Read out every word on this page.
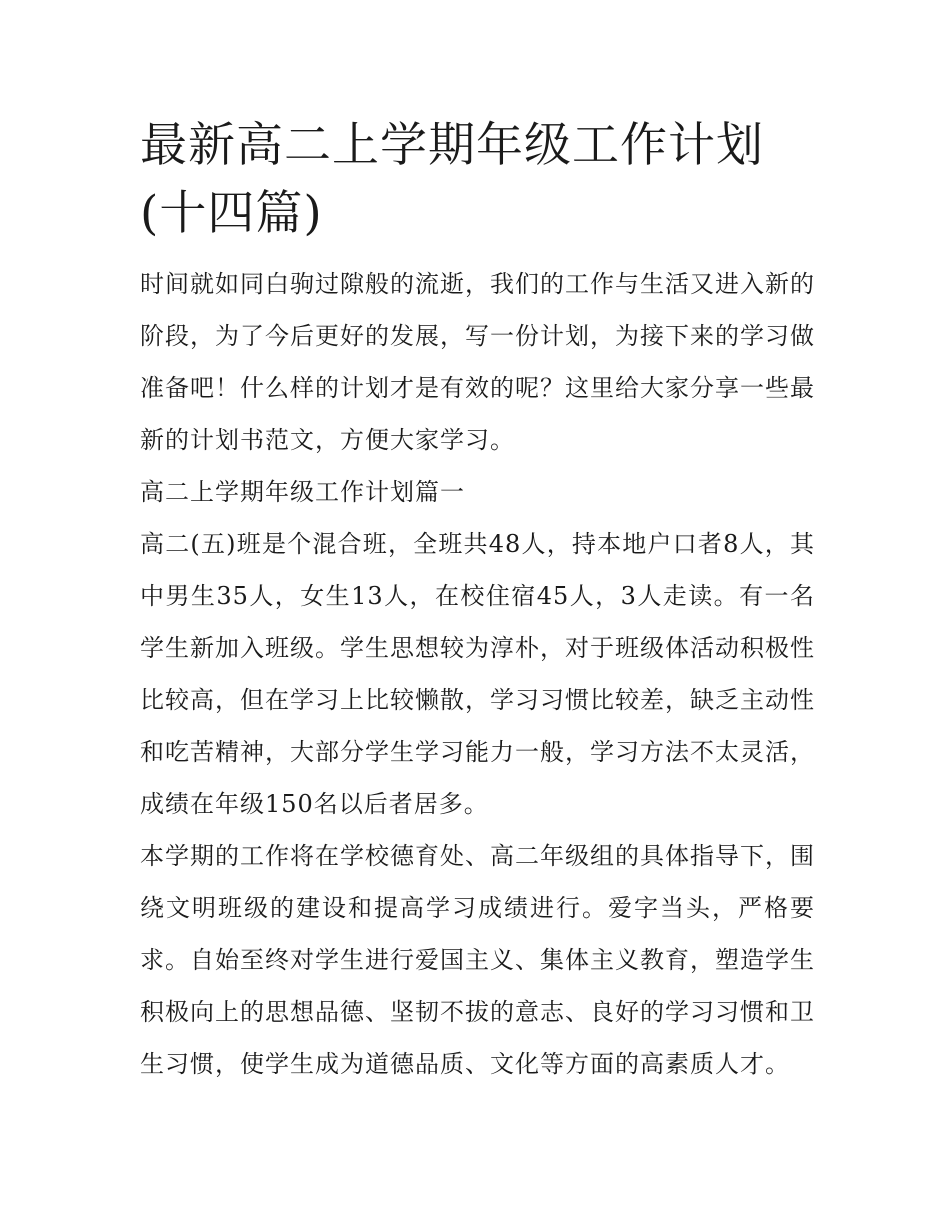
最新高二上学期年级工作计划(十四篇)

时间就如同白驹过隙般的流逝，我们的工作与生活又进入新的阶段，为了今后更好的发展，写一份计划，为接下来的学习做准备吧！什么样的计划才是有效的呢？这里给大家分享一些最新的计划书范文，方便大家学习。

高二上学期年级工作计划篇一

高二(五)班是个混合班，全班共48人，持本地户口者8人，其中男生35人，女生13人，在校住宿45人，3人走读。有一名学生新加入班级。学生思想较为淳朴，对于班级体活动积极性比较高，但在学习上比较懒散，学习习惯比较差，缺乏主动性和吃苦精神，大部分学生学习能力一般，学习方法不太灵活，成绩在年级150名以后者居多。

本学期的工作将在学校德育处、高二年级组的具体指导下，围绕文明班级的建设和提高学习成绩进行。爱字当头，严格要求。自始至终对学生进行爱国主义、集体主义教育，塑造学生积极向上的思想品德、坚韧不拔的意志、良好的学习习惯和卫生习惯，使学生成为道德品质、文化等方面的高素质人才。
